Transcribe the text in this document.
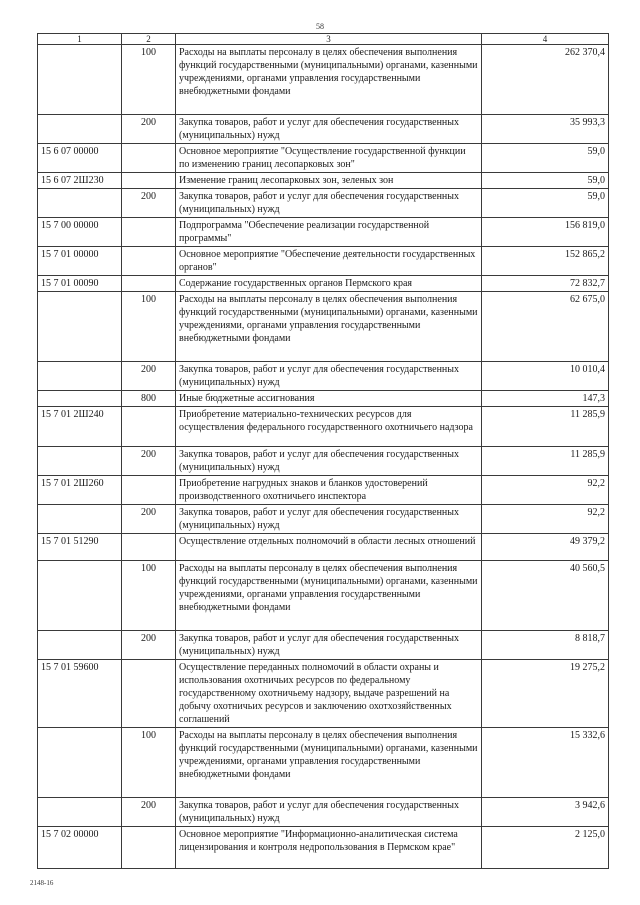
58
1	2	3	4
	100	Расходы на выплаты персоналу в целях обеспечения выполнения функций государственными (муниципальными) органами, казенными учреждениями, органами управления государственными внебюджетными фондами	262 370,4
	200	Закупка товаров, работ и услуг для обеспечения государственных (муниципальных) нужд	35 993,3
15 6 07 00000		Основное мероприятие "Осуществление государственной функции по изменению границ лесопарковых зон"	59,0
15 6 07 2Ш230		Изменение границ лесопарковых зон, зеленых зон	59,0
	200	Закупка товаров, работ и услуг для обеспечения государственных (муниципальных) нужд	59,0
15 7 00 00000		Подпрограмма "Обеспечение реализации государственной программы"	156 819,0
15 7 01 00000		Основное мероприятие "Обеспечение деятельности государственных органов"	152 865,2
15 7 01 00090		Содержание государственных органов Пермского края	72 832,7
	100	Расходы на выплаты персоналу в целях обеспечения выполнения функций государственными (муниципальными) органами, казенными учреждениями, органами управления государственными внебюджетными фондами	62 675,0
	200	Закупка товаров, работ и услуг для обеспечения государственных (муниципальных) нужд	10 010,4
	800	Иные бюджетные ассигнования	147,3
15 7 01 2Ш240		Приобретение материально-технических ресурсов для осуществления федерального государственного охотничьего надзора	11 285,9
	200	Закупка товаров, работ и услуг для обеспечения государственных (муниципальных) нужд	11 285,9
15 7 01 2Ш260		Приобретение нагрудных знаков и бланков удостоверений производственного охотничьего инспектора	92,2
	200	Закупка товаров, работ и услуг для обеспечения государственных (муниципальных) нужд	92,2
15 7 01 51290		Осуществление отдельных полномочий в области лесных отношений	49 379,2
	100	Расходы на выплаты персоналу в целях обеспечения выполнения функций государственными (муниципальными) органами, казенными учреждениями, органами управления государственными внебюджетными фондами	40 560,5
	200	Закупка товаров, работ и услуг для обеспечения государственных (муниципальных) нужд	8 818,7
15 7 01 59600		Осуществление переданных полномочий в области охраны и использования охотничьих ресурсов по федеральному государственному охотничьему надзору, выдаче разрешений на добычу охотничьих ресурсов и заключению охотхозяйственных соглашений	19 275,2
	100	Расходы на выплаты персоналу в целях обеспечения выполнения функций государственными (муниципальными) органами, казенными учреждениями, органами управления государственными внебюджетными фондами	15 332,6
	200	Закупка товаров, работ и услуг для обеспечения государственных (муниципальных) нужд	3 942,6
15 7 02 00000		Основное мероприятие "Информационно-аналитическая система лицензирования и контроля недропользования в Пермском крае"	2 125,0
2148-16
